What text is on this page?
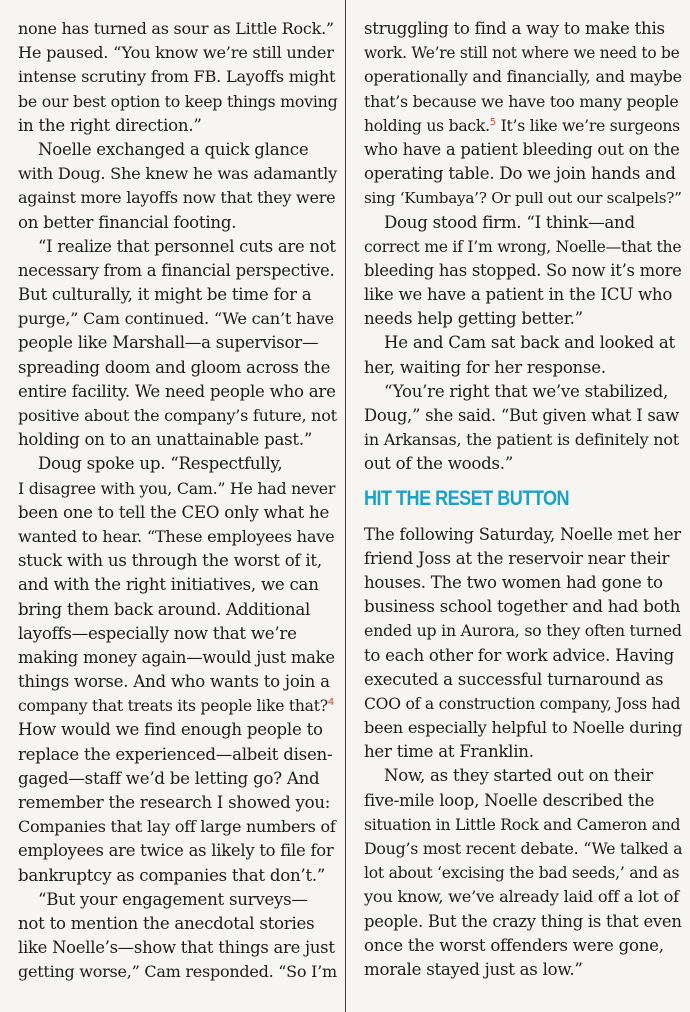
none has turned as sour as Little Rock.”
He paused. “You know we’re still under
intense scrutiny from FB. Layoffs might
be our best option to keep things moving
in the right direction.”
Noelle exchanged a quick glance
with Doug. She knew he was adamantly
against more layoffs now that they were
on better financial footing.
“I realize that personnel cuts are not
necessary from a financial perspective.
But culturally, it might be time for a
purge,” Cam continued. “We can’t have
people like Marshall—a supervisor—
spreading doom and gloom across the
entire facility. We need people who are
positive about the company’s future, not
holding on to an unattainable past.”
Doug spoke up. “Respectfully,
I disagree with you, Cam.” He had never
been one to tell the CEO only what he
wanted to hear. “These employees have
stuck with us through the worst of it,
and with the right initiatives, we can
bring them back around. Additional
layoffs—especially now that we’re
making money again—would just make
things worse. And who wants to join a
company that treats its people like that?$^4$
How would we find enough people to
replace the experienced—albeit disen-
gaged—staff we’d be letting go? And
remember the research I showed you:
Companies that lay off large numbers of
employees are twice as likely to file for
bankruptcy as companies that don’t.”
“But your engagement surveys—
not to mention the anecdotal stories
like Noelle’s—show that things are just
getting worse,” Cam responded. “So I’m
struggling to find a way to make this
work. We’re still not where we need to be
operationally and financially, and maybe
that’s because we have too many people
holding us back.$^5$ It’s like we’re surgeons
who have a patient bleeding out on the
operating table. Do we join hands and
sing ‘Kumbaya’? Or pull out our scalpels?”
Doug stood firm. “I think—and
correct me if I’m wrong, Noelle—that the
bleeding has stopped. So now it’s more
like we have a patient in the ICU who
needs help getting better.”
He and Cam sat back and looked at
her, waiting for her response.
“You’re right that we’ve stabilized,
Doug,” she said. “But given what I saw
in Arkansas, the patient is definitely not
out of the woods.”
HIT THE RESET BUTTON
The following Saturday, Noelle met her
friend Joss at the reservoir near their
houses. The two women had gone to
business school together and had both
ended up in Aurora, so they often turned
to each other for work advice. Having
executed a successful turnaround as
COO of a construction company, Joss had
been especially helpful to Noelle during
her time at Franklin.
Now, as they started out on their
five-mile loop, Noelle described the
situation in Little Rock and Cameron and
Doug’s most recent debate. “We talked a
lot about ‘excising the bad seeds,’ and as
you know, we’ve already laid off a lot of
people. But the crazy thing is that even
once the worst offenders were gone,
morale stayed just as low.”
